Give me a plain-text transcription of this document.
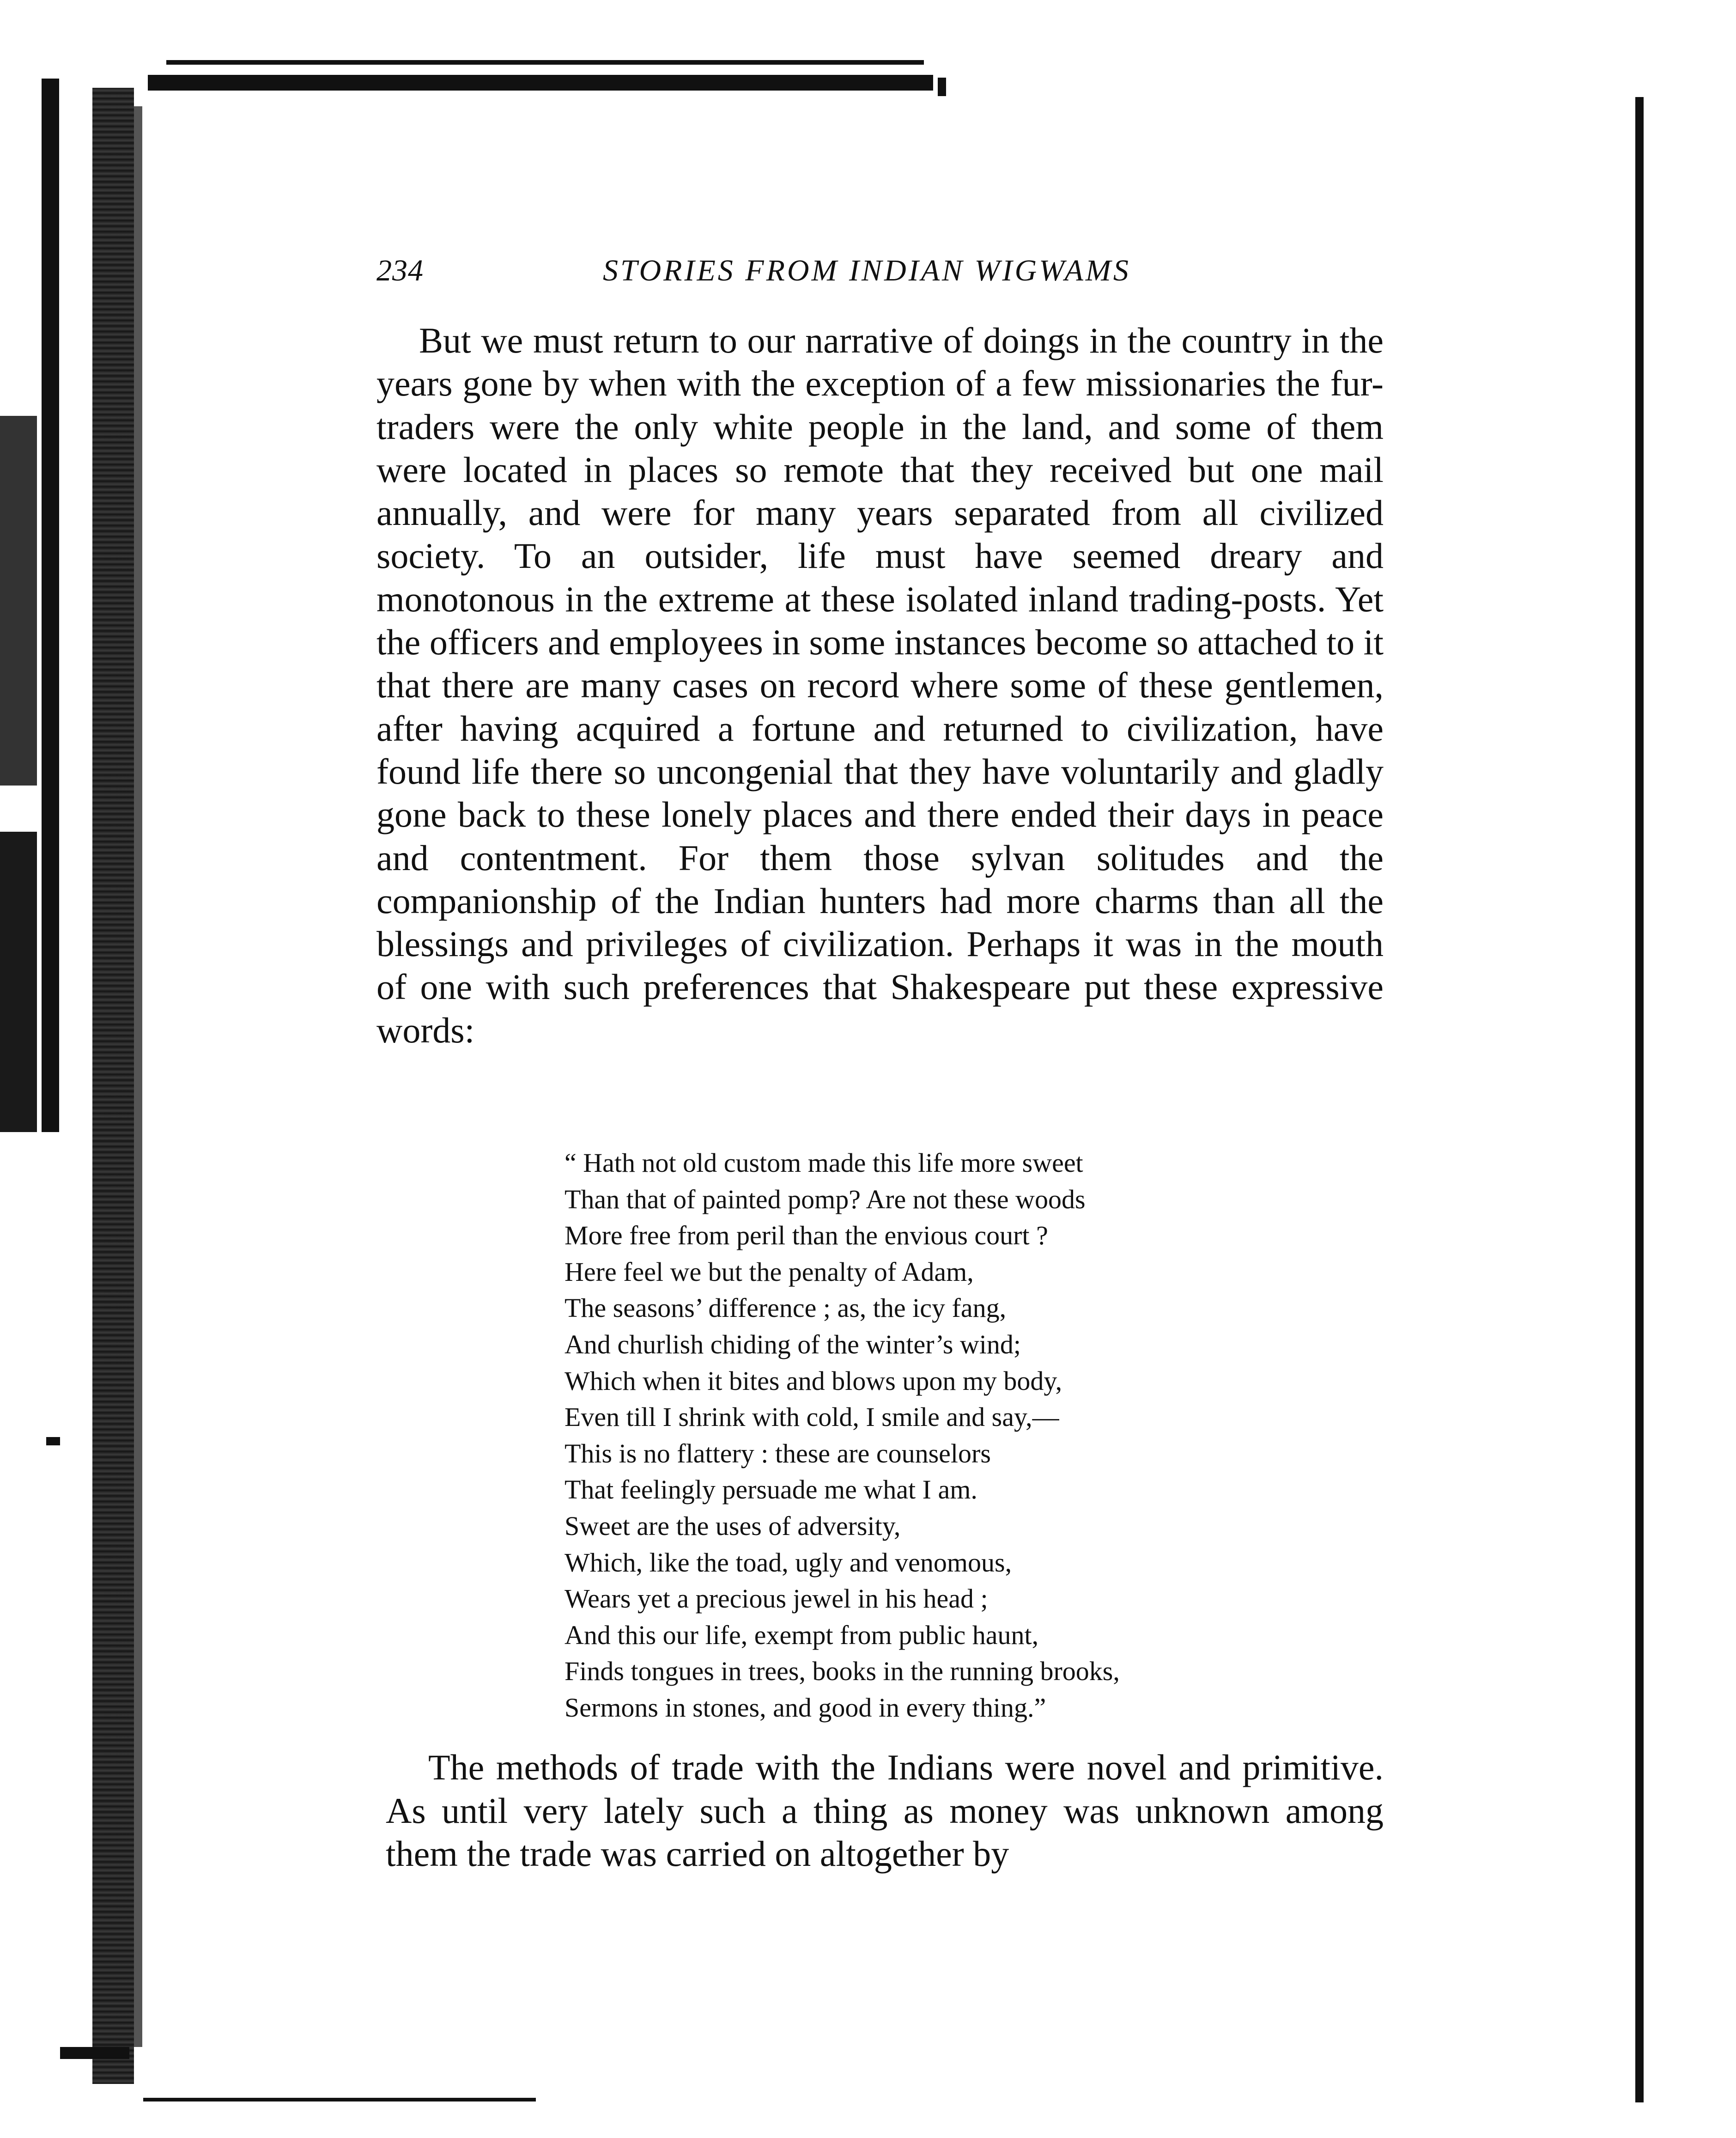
234	STORIES FROM INDIAN WIGWAMS

But we must return to our narrative of doings in the country in the years gone by when with the exception of a few missionaries the fur-traders were the only white people in the land, and some of them were located in places so remote that they received but one mail annually, and were for many years separated from all civilized society. To an outsider, life must have seemed dreary and monotonous in the extreme at these isolated inland trading-posts. Yet the officers and employees in some instances become so attached to it that there are many cases on record where some of these gentlemen, after having acquired a fortune and returned to civilization, have found life there so uncongenial that they have voluntarily and gladly gone back to these lonely places and there ended their days in peace and contentment. For them those sylvan solitudes and the companionship of the Indian hunters had more charms than all the blessings and privileges of civilization. Perhaps it was in the mouth of one with such preferences that Shakespeare put these expressive words:

“ Hath not old custom made this life more sweet
Than that of painted pomp? Are not these woods
More free from peril than the envious court ?
Here feel we but the penalty of Adam,
The seasons’ difference ; as, the icy fang,
And churlish chiding of the winter’s wind;
Which when it bites and blows upon my body,
Even till I shrink with cold, I smile and say,—
This is no flattery : these are counselors
That feelingly persuade me what I am.
Sweet are the uses of adversity,
Which, like the toad, ugly and venomous,
Wears yet a precious jewel in his head ;
And this our life, exempt from public haunt,
Finds tongues in trees, books in the running brooks,
Sermons in stones, and good in every thing.”

The methods of trade with the Indians were novel and primitive. As until very lately such a thing as money was unknown among them the trade was carried on altogether by
